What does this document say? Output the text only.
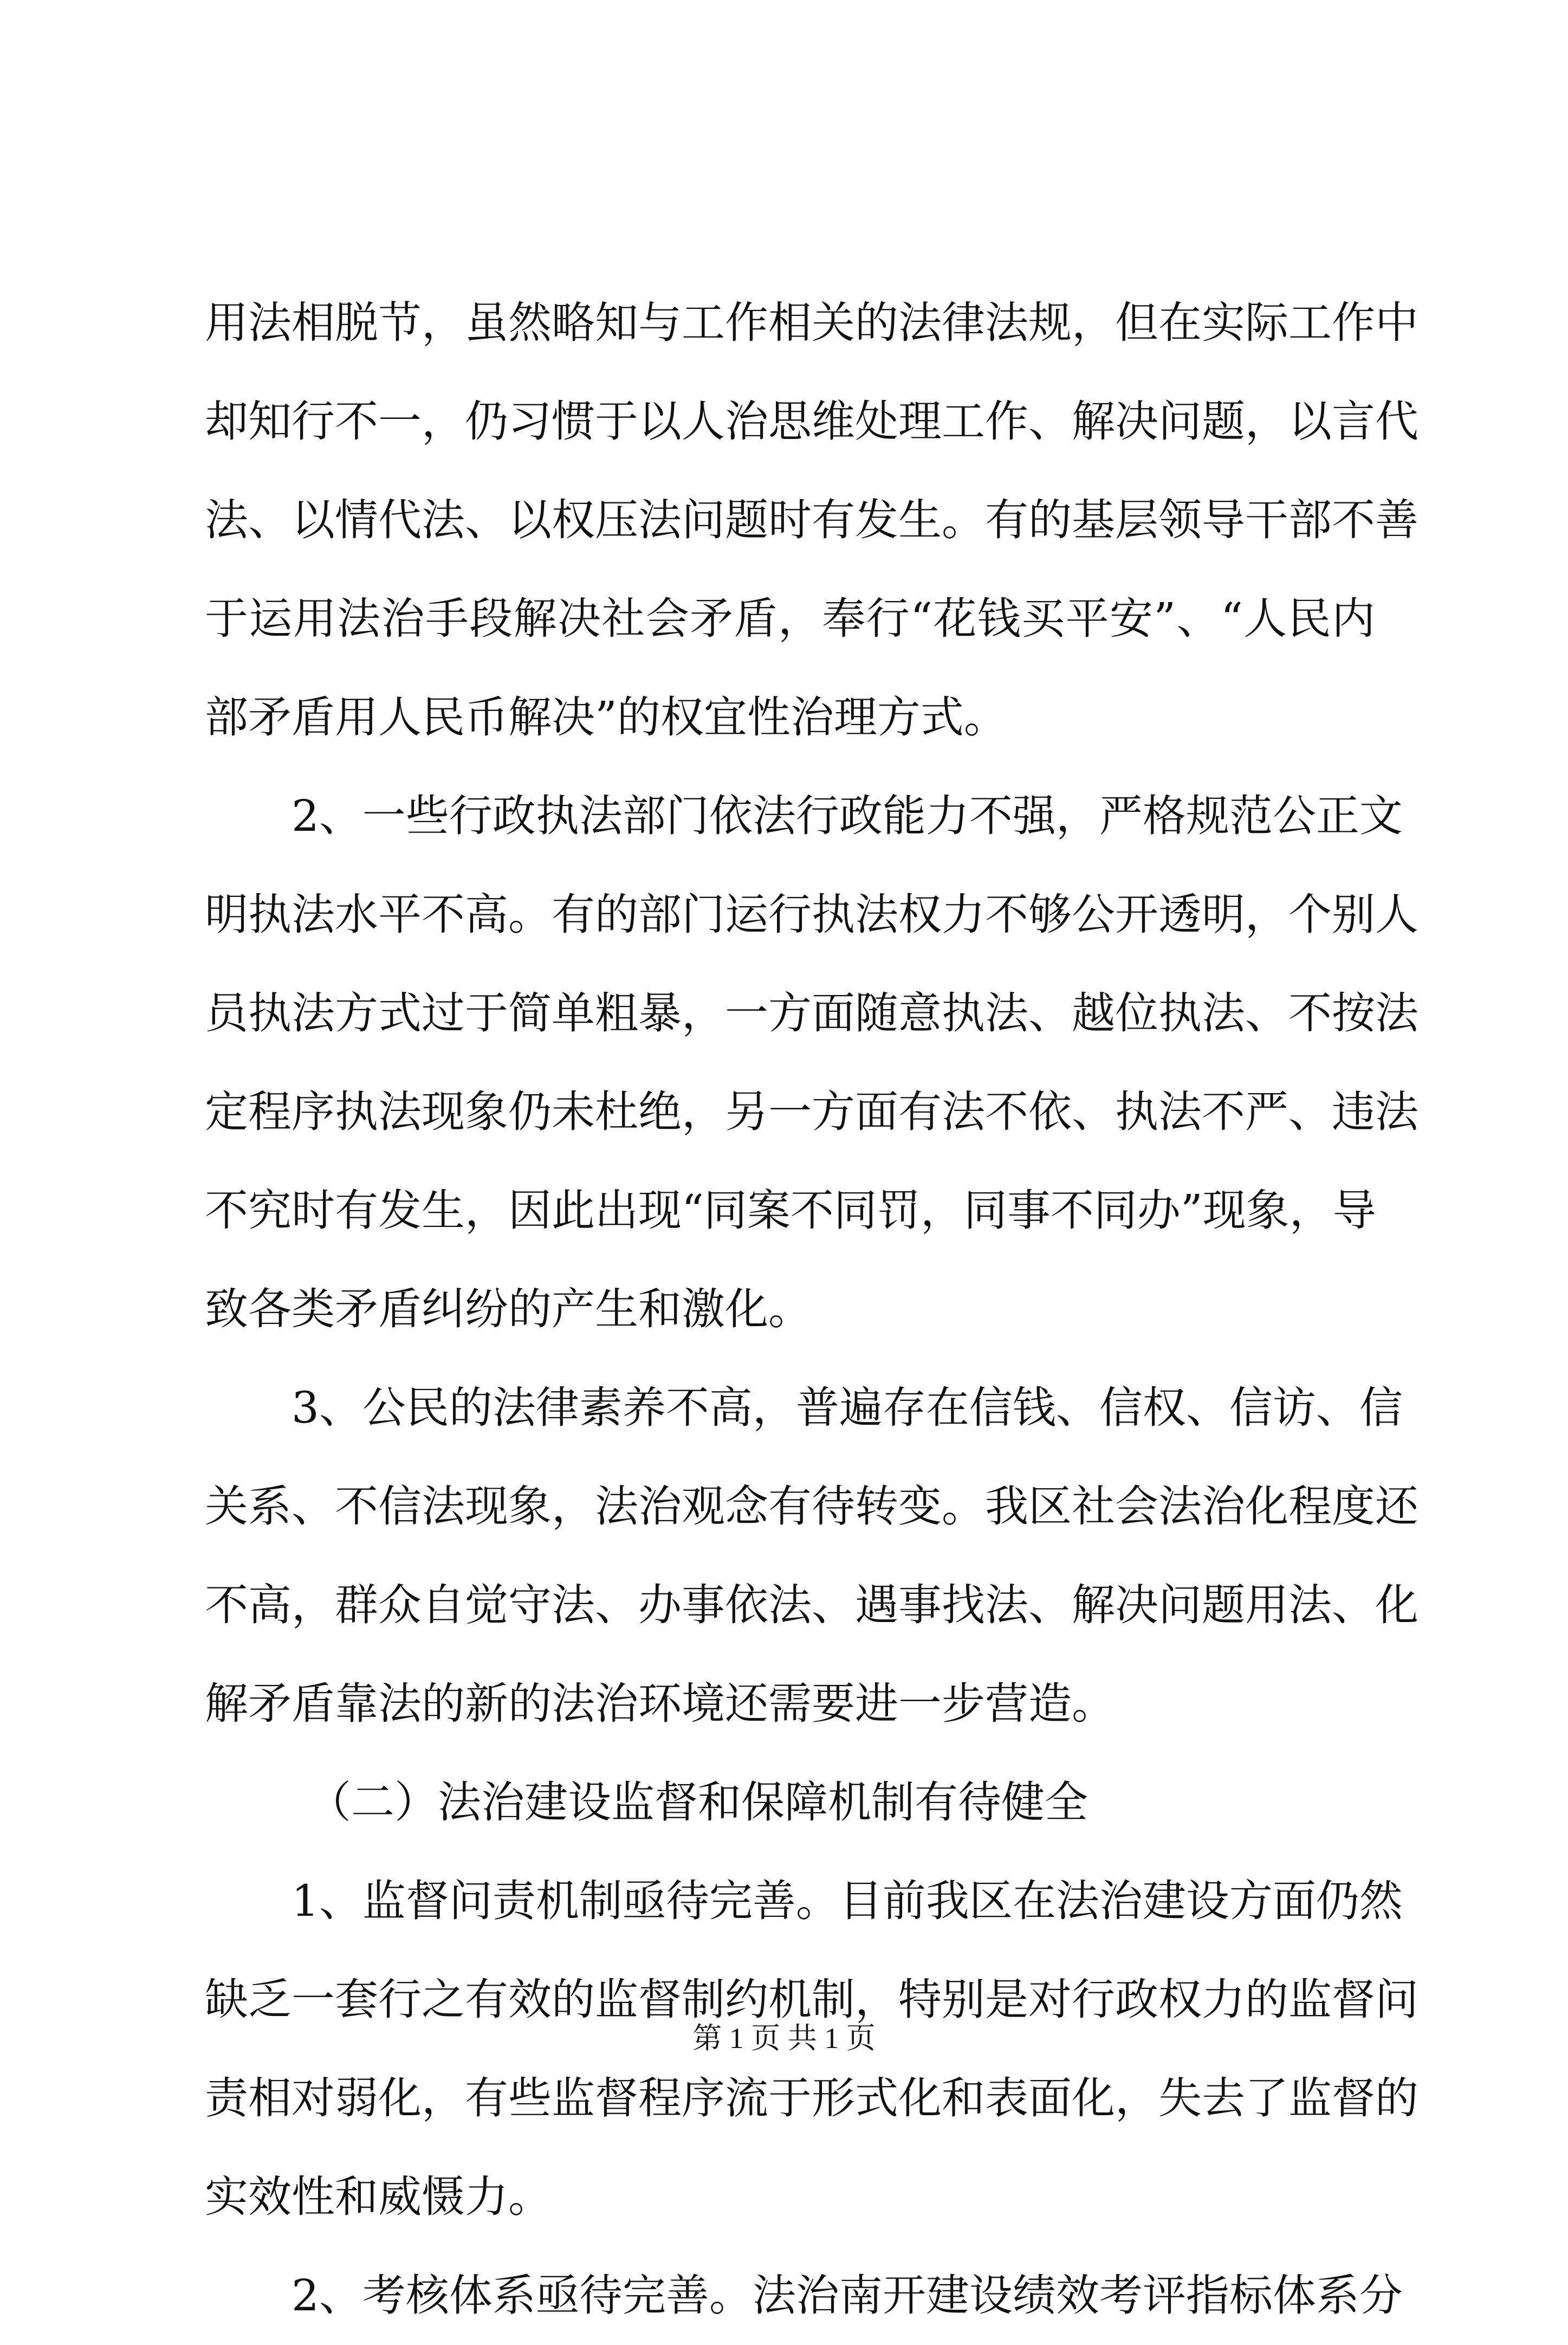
用法相脱节，虽然略知与工作相关的法律法规，但在实际工作中
却知行不一，仍习惯于以人治思维处理工作、解决问题，以言代
法、以情代法、以权压法问题时有发生。有的基层领导干部不善
于运用法治手段解决社会矛盾，奉行“花钱买平安”、“人民内
部矛盾用人民币解决”的权宜性治理方式。
2、一些行政执法部门依法行政能力不强，严格规范公正文
明执法水平不高。有的部门运行执法权力不够公开透明，个别人
员执法方式过于简单粗暴，一方面随意执法、越位执法、不按法
定程序执法现象仍未杜绝，另一方面有法不依、执法不严、违法
不究时有发生，因此出现“同案不同罚，同事不同办”现象，导
致各类矛盾纠纷的产生和激化。
3、公民的法律素养不高，普遍存在信钱、信权、信访、信
关系、不信法现象，法治观念有待转变。我区社会法治化程度还
不高，群众自觉守法、办事依法、遇事找法、解决问题用法、化
解矛盾靠法的新的法治环境还需要进一步营造。
（二）法治建设监督和保障机制有待健全
1、监督问责机制亟待完善。目前我区在法治建设方面仍然
缺乏一套行之有效的监督制约机制，特别是对行政权力的监督问
责相对弱化，有些监督程序流于形式化和表面化，失去了监督的
实效性和威慑力。
2、考核体系亟待完善。法治南开建设绩效考评指标体系分
第 1 页 共 1 页
